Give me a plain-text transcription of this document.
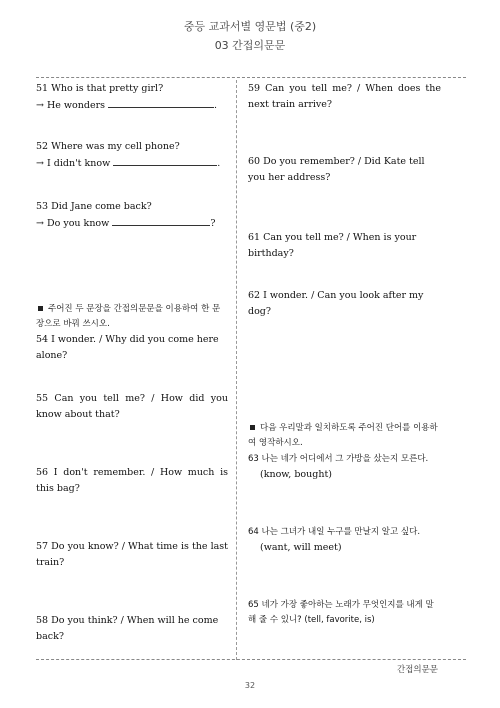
중등 교과서별 영문법 (중2)
03 간접의문문

51 Who is that pretty girl?

→ He wonders	.

52 Where was my cell phone?

→ I didn't know	.

53 Did Jane come back?

→ Do you know	?

주어진 두 문장을 간접의문문을 이용하여 한 문장으로 바꿔 쓰시오.

54 I wonder. / Why did you come here alone?

55 Can you tell me? / How did you know about that?

56 I don't remember. / How much is this bag?

57 Do you know? / What time is the last train?

58 Do you think? / When will he come back?

59 Can you tell me? / When does the next train arrive?

60 Do you remember? / Did Kate tell you her address?

61 Can you tell me? / When is your birthday?

62 I wonder. / Can you look after my dog?

다음 우리말과 일치하도록 주어진 단어를 이용하여 영작하시오.

63 나는 네가 어디에서 그 가방을 샀는지 모른다.

(know, bought)

64 나는 그녀가 내일 누구를 만날지 알고 싶다.

(want, will meet)

65 네가 가장 좋아하는 노래가 무엇인지를 내게 말해 줄 수 있니? (tell, favorite, is)

간접의문문
32
